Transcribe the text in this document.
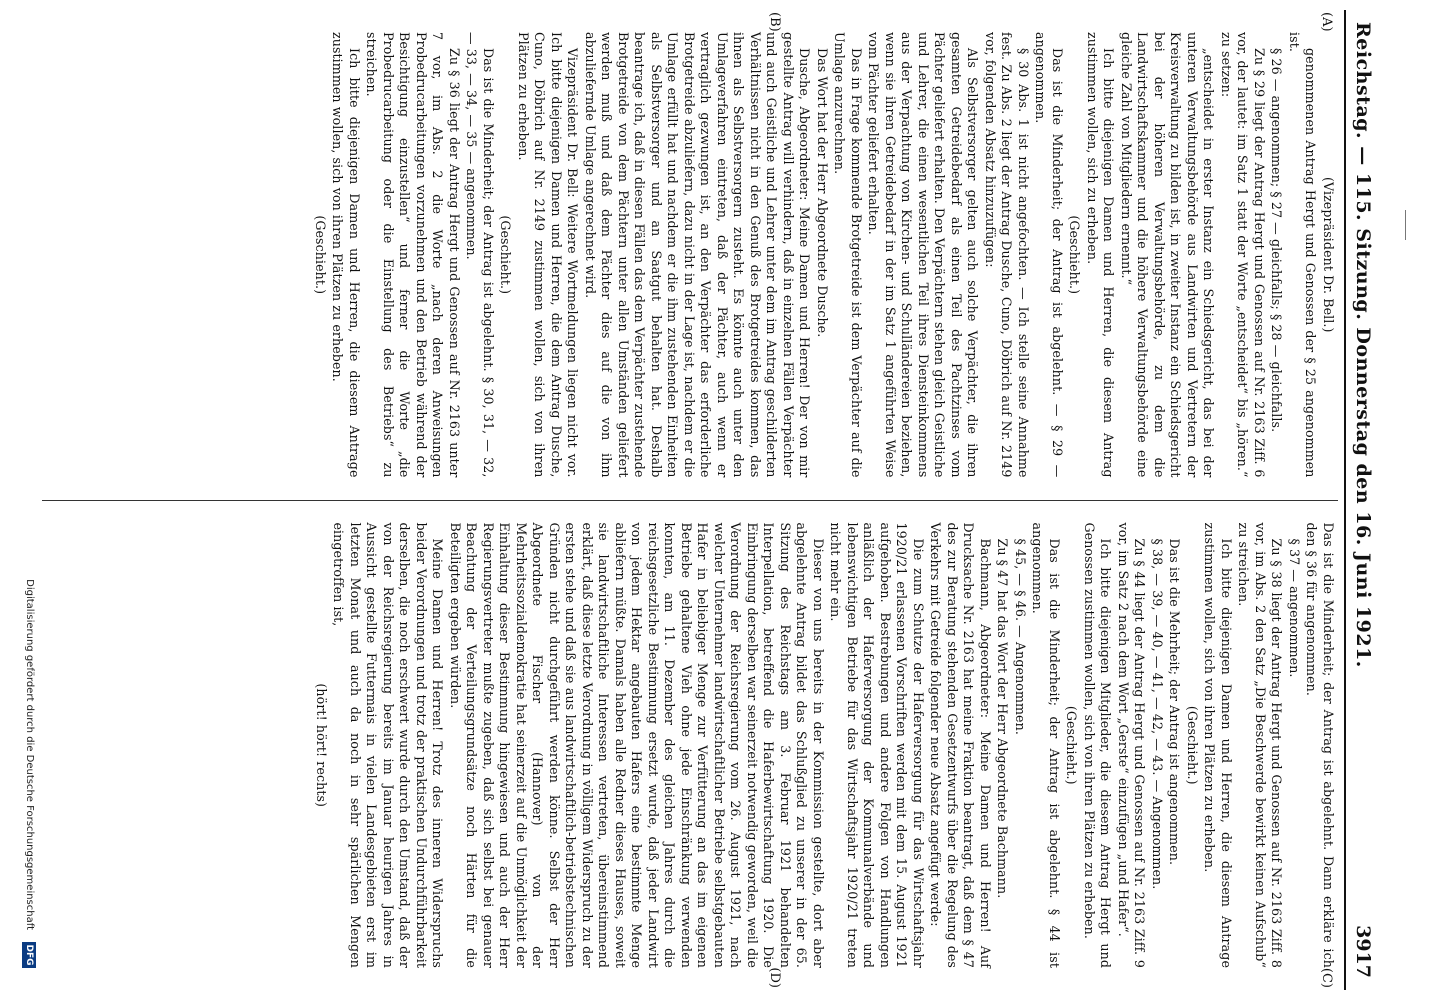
Reichstag. — 115. Sitzung. Donnerstag den 16. Juni 1921.
3917
(A)
(B)

(Vizepräsident Dr. Bell.)

genommenen Antrag Hergt und Genossen der § 25 angenommen ist.

§ 26 — angenommen; § 27 — gleichfalls; § 28 — gleichfalls.

Zu § 29 liegt der Antrag Hergt und Genossen auf Nr. 2163 Ziff. 6 vor, der lautet: im Satz 1 statt der Worte „entscheidet“ bis „hören.“ zu setzen:

„entscheidet in erster Instanz ein Schiedsgericht, das bei der unteren Verwaltungsbehörde aus Landwirten und Vertretern der Kreisverwaltung zu bilden ist, in zweiter Instanz ein Schiedsgericht bei der höheren Verwaltungsbehörde, zu dem die Landwirtschaftskammer und die höhere Verwaltungsbehörde eine gleiche Zahl von Mitgliedern ernennt.“

Ich bitte diejenigen Damen und Herren, die diesem Antrag zustimmen wollen, sich zu erheben.

(Geschieht.)

Das ist die Minderheit; der Antrag ist abgelehnt. — § 29 — angenommen.

§ 30 Abs. 1 ist nicht angefochten. — Ich stelle seine Annahme fest. Zu Abs. 2 liegt der Antrag Dusche, Cuno, Döbrich auf Nr. 2149 vor, folgenden Absatz hinzuzufügen:

Als Selbstversorger gelten auch solche Verpächter, die ihren gesamten Getreidebedarf als einen Teil des Pachtzinses vom Pächter geliefert erhalten. Den Verpächtern stehen gleich Geistliche und Lehrer, die einen wesentlichen Teil ihres Diensteinkommens aus der Verpachtung von Kirchen- und Schulländereien beziehen, wenn sie ihren Getreidebedarf in der im Satz 1 angeführten Weise vom Pächter geliefert erhalten.

Das in Frage kommende Brotgetreide ist dem Verpächter auf die Umlage anzurechnen.

Das Wort hat der Herr Abgeordnete Dusche.

Dusche, Abgeordneter: Meine Damen und Herren! Der von mir gestellte Antrag will verhindern, daß in einzelnen Fällen Verpächter und auch Geistliche und Lehrer unter dem im Antrag geschilderten Verhältnissen nicht in den Genuß des Brotgetreides kommen, das ihnen als Selbstversorgern zusteht. Es könnte auch unter den Umlageverfahren eintreten, daß der Pächter, auch wenn er vertraglich gezwungen ist, an den Verpächter das erforderliche Brotgetreide abzuliefern, dazu nicht in der Lage ist, nachdem er die Umlage erfüllt hat und nachdem er die ihm zustehenden Einheiten als Selbstversorger und an Saatgut behalten hat. Deshalb beantrage ich, daß in diesen Fällen das dem Verpächter zustehende Brotgetreide von dem Pächtern unter allen Umständen geliefert werden muß und daß dem Pächter dies auf die von ihm abzuliefernde Umlage angerechnet wird.

Vizepräsident Dr. Bell: Weitere Wortmeldungen liegen nicht vor. Ich bitte diejenigen Damen und Herren, die dem Antrag Dusche, Cuno, Döbrich auf Nr. 2149 zustimmen wollen, sich von ihren Plätzen zu erheben.

(Geschieht.)

Das ist die Minderheit; der Antrag ist abgelehnt. § 30, 31, — 32, — 33, — 34, — 35 — angenommen.

Zu § 36 liegt der Antrag Hergt und Genossen auf Nr. 2163 unter 7 vor, im Abs. 2 die Worte „nach deren Anweisungen Probedrucarbeitungen vorzunehmen und den Betrieb während der Besichtigung einzustellen“ und ferner die Worte „die Probedrucarbeitung oder die Einstellung des Betriebs“ zu streichen.

Ich bitte diejenigen Damen und Herren, die diesem Antrage zustimmen wollen, sich von ihren Plätzen zu erheben.

(Geschieht.)

(C)
(D)

Das ist die Minderheit; der Antrag ist abgelehnt. Dann erkläre ich den § 36 für angenommen.

§ 37 — angenommen.

Zu § 38 liegt der Antrag Hergt und Genossen auf Nr. 2163 Ziff. 8 vor, im Abs. 2 den Satz „Die Beschwerde bewirkt keinen Aufschub“ zu streichen.

Ich bitte diejenigen Damen und Herren, die diesem Antrage zustimmen wollen, sich von ihren Plätzen zu erheben.

(Geschieht.)

Das ist die Mehrheit; der Antrag ist angenommen.

§ 38, — 39, — 40, — 41, — 42, — 43. — Angenommen.

Zu § 44 liegt der Antrag Hergt und Genossen auf Nr. 2163 Ziff. 9 vor, im Satz 2 nach dem Wort „Gerste“ einzufügen „und Hafer“.

Ich bitte diejenigen Mitglieder, die diesem Antrag Hergt und Genossen zustimmen wollen, sich von ihren Plätzen zu erheben.

(Geschieht.)

Das ist die Minderheit; der Antrag ist abgelehnt. § 44 ist angenommen.

§ 45, — § 46. — Angenommen.

Zu § 47 hat das Wort der Herr Abgeordnete Bachmann.

Bachmann, Abgeordneter: Meine Damen und Herren! Auf Drucksache Nr. 2163 hat meine Fraktion beantragt, daß dem § 47 des zur Beratung stehenden Gesetzentwurfs über die Regelung des Verkehrs mit Getreide folgender neue Absatz angefügt werde:

Die zum Schutze der Haferversorgung für das Wirtschaftsjahr 1920/21 erlassenen Vorschriften werden mit dem 15. August 1921 aufgehoben. Bestrebungen und andere Folgen von Handlungen anläßlich der Haferversorgung der Kommunalverbände und lebenswichtigen Betriebe für das Wirtschaftsjahr 1920/21 treten nicht mehr ein.

Dieser von uns bereits in der Kommission gestellte, dort aber abgelehnte Antrag bildet das Schlußglied zu unserer in der 65. Sitzung des Reichstags am 3. Februar 1921 behandelten Interpellation, betreffend die Haferbewirtschaftung 1920. Die Einbringung derselben war seinerzeit notwendig geworden, weil die Verordnung der Reichsregierung vom 26. August 1921, nach welcher Unternehmer landwirtschaftlicher Betriebe selbstgebauten Hafer in beliebiger Menge zur Verfütterung an das im eigenen Betriebe gehaltene Vieh ohne jede Einschränkung verwenden konnten, am 11. Dezember des gleichen Jahres durch die reichsgesetzliche Bestimmung ersetzt wurde, daß jeder Landwirt von jedem Hektar angebauten Hafers eine bestimmte Menge abliefern müßte. Damals haben alle Redner dieses Hauses, soweit sie landwirtschaftliche Interessen vertreten, übereinstimmend erklärt, daß diese letzte Verordnung in völligem Widerspruch zu der ersten stehe und daß sie aus landwirtschaftlich-betriebstechnischen Gründen nicht durchgeführt werden könne. Selbst der Herr Abgeordnete Fischer (Hannover) von der Mehrheitssozialdemokratie hat seinerzeit auf die Unmöglichkeit der Einhaltung dieser Bestimmung hingewiesen und auch der Herr Regierungsvertreter mußte zugeben, daß sich selbst bei genauer Beachtung der Verteilungsgrundsätze noch Härten für die Beteiligten ergeben würden.

Meine Damen und Herren! Trotz des inneren Widerspruchs beider Verordnungen und trotz der praktischen Undurchführbarkeit derselben, die noch erschwert wurde durch den Umstand, daß der von der Reichsregierung bereits im Januar heurigen Jahres in Aussicht gestellte Futtermais in vielen Landesgebieten erst im letzten Monat und auch da noch in sehr spärlichen Mengen eingetroffen ist,

(hört! hört! rechts)

Digitalisierung gefördert durch die Deutsche Forschungsgemeinschaft
DFG
